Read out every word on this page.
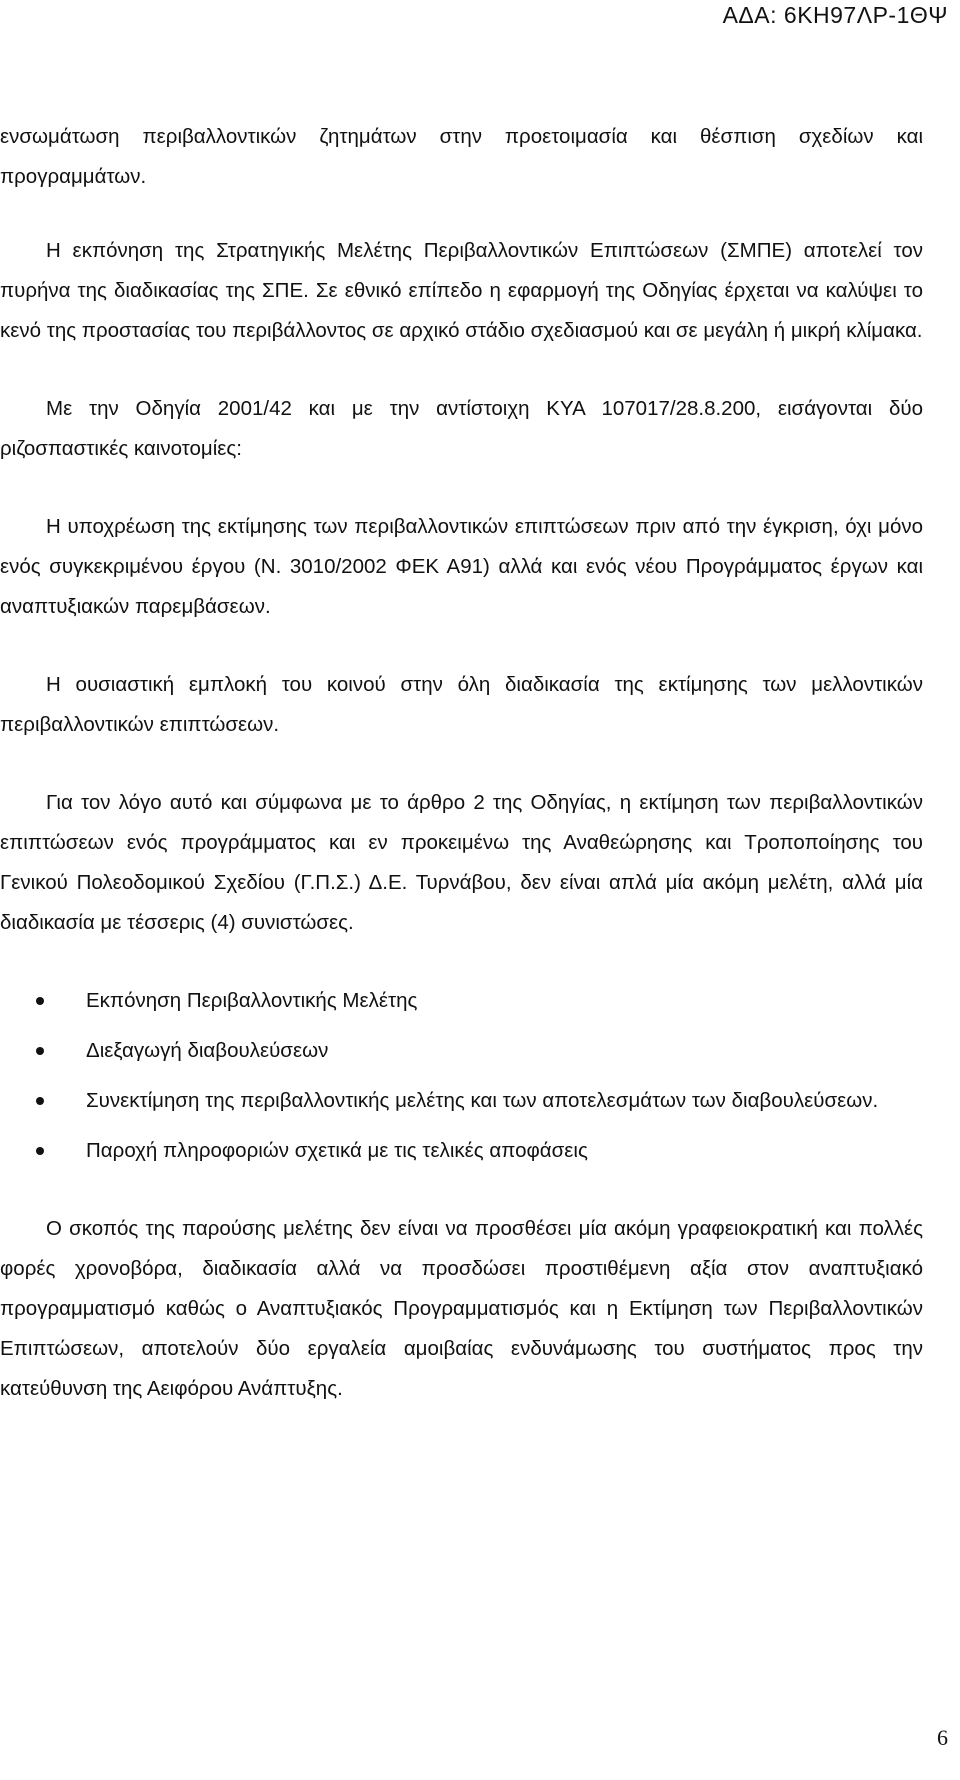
ΑΔΑ: 6ΚΗ97ΛΡ-1ΘΨ

ενσωμάτωση περιβαλλοντικών ζητημάτων στην προετοιμασία και θέσπιση σχεδίων και προγραμμάτων.

Η εκπόνηση της Στρατηγικής Μελέτης Περιβαλλοντικών Επιπτώσεων (ΣΜΠΕ) αποτελεί τον πυρήνα της διαδικασίας της ΣΠΕ. Σε εθνικό επίπεδο η εφαρμογή της Οδηγίας έρχεται να καλύψει το κενό της προστασίας του περιβάλλοντος σε αρχικό στάδιο σχεδιασμού και σε μεγάλη ή μικρή κλίμακα.

Με την Οδηγία 2001/42 και με την αντίστοιχη ΚΥΑ 107017/28.8.200, εισάγονται δύο ριζοσπαστικές καινοτομίες:

Η υποχρέωση της εκτίμησης των περιβαλλοντικών επιπτώσεων πριν από την έγκριση, όχι μόνο ενός συγκεκριμένου έργου (Ν. 3010/2002 ΦΕΚ Α91) αλλά και ενός νέου Προγράμματος έργων και αναπτυξιακών παρεμβάσεων.

Η ουσιαστική εμπλοκή του κοινού στην όλη διαδικασία της εκτίμησης των μελλοντικών περιβαλλοντικών επιπτώσεων.

Για τον λόγο αυτό και σύμφωνα με το άρθρο 2 της Οδηγίας, η εκτίμηση των περιβαλλοντικών επιπτώσεων ενός προγράμματος και εν προκειμένω της Αναθεώρησης και Τροποποίησης του Γενικού Πολεοδομικού Σχεδίου (Γ.Π.Σ.) Δ.Ε. Τυρνάβου, δεν είναι απλά μία ακόμη μελέτη, αλλά μία διαδικασία με τέσσερις (4) συνιστώσες.

Εκπόνηση Περιβαλλοντικής Μελέτης
Διεξαγωγή διαβουλεύσεων
Συνεκτίμηση της περιβαλλοντικής μελέτης και των αποτελεσμάτων των διαβουλεύσεων.
Παροχή πληροφοριών σχετικά με τις τελικές αποφάσεις

Ο σκοπός της παρούσης μελέτης δεν είναι να προσθέσει μία ακόμη γραφειοκρατική και πολλές φορές χρονοβόρα, διαδικασία αλλά να προσδώσει προστιθέμενη αξία στον αναπτυξιακό προγραμματισμό καθώς ο Αναπτυξιακός Προγραμματισμός και η Εκτίμηση των Περιβαλλοντικών Επιπτώσεων, αποτελούν δύο εργαλεία αμοιβαίας ενδυνάμωσης του συστήματος προς την κατεύθυνση της Αειφόρου Ανάπτυξης.

6
